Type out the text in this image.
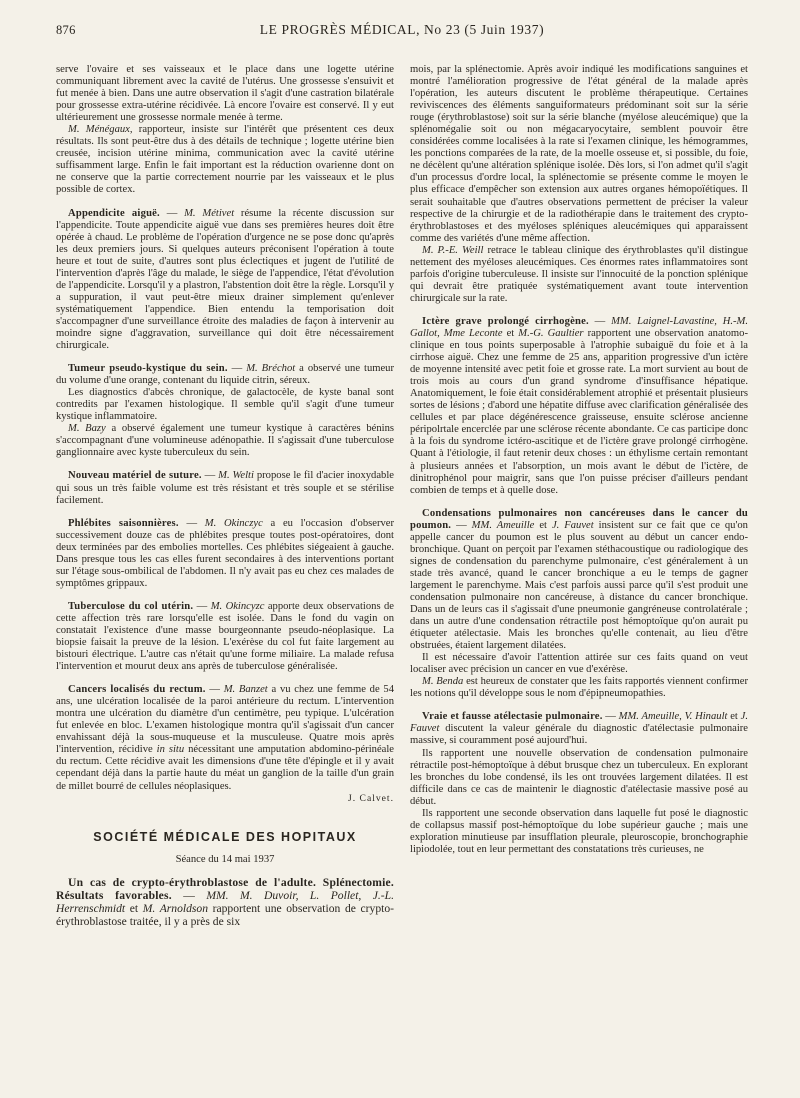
876	LE PROGRÈS MÉDICAL, No 23 (5 Juin 1937)

serve l'ovaire et ses vaisseaux et le place dans une logette utérine communiquant librement avec la cavité de l'utérus. Une grossesse s'ensuivit et fut menée à bien. Dans une autre observation il s'agit d'une castration bilatérale pour grossesse extra-utérine récidivée. Là encore l'ovaire est conservé. Il y eut ultérieurement une grossesse normale menée à terme.

M. Ménégaux, rapporteur, insiste sur l'intérêt que présentent ces deux résultats. Ils sont peut-être dus à des détails de technique ; logette utérine bien creusée, incision utérine minima, communication avec la cavité utérine suffisamment large. Enfin le fait important est la réduction ovarienne dont on ne conserve que la partie correctement nourrie par les vaisseaux et le plus possible de cortex.

Appendicite aiguë. — M. Métivet résume la récente discussion sur l'appendicite. Toute appendicite aiguë vue dans ses premières heures doit être opérée à chaud. Le problème de l'opération d'urgence ne se pose donc qu'après les deux premiers jours. Si quelques auteurs préconisent l'opération à toute heure et tout de suite, d'autres sont plus éclectiques et jugent de l'utilité de l'intervention d'après l'âge du malade, le siège de l'appendice, l'état d'évolution de l'appendicite. Lorsqu'il y a plastron, l'abstention doit être la règle. Lorsqu'il y a suppuration, il vaut peut-être mieux drainer simplement qu'enlever systématiquement l'appendice. Bien entendu la temporisation doit s'accompagner d'une surveillance étroite des maladies de façon à intervenir au moindre signe d'aggravation, surveillance qui doit être nécessairement chirurgicale.

Tumeur pseudo-kystique du sein. — M. Bréchot a observé une tumeur du volume d'une orange, contenant du liquide citrin, séreux.

Les diagnostics d'abcès chronique, de galactocèle, de kyste banal sont contredits par l'examen histologique. Il semble qu'il s'agit d'une tumeur kystique inflammatoire.

M. Bazy a observé également une tumeur kystique à caractères bénins s'accompagnant d'une volumineuse adénopathie. Il s'agissait d'une tuberculose ganglionnaire avec kyste tuberculeux du sein.

Nouveau matériel de suture. — M. Welti propose le fil d'acier inoxydable qui sous un très faible volume est très résistant et très souple et se stérilise facilement.

Phlébites saisonnières. — M. Okinczyc a eu l'occasion d'observer successivement douze cas de phlébites presque toutes post-opératoires, dont deux terminées par des embolies mortelles. Ces phlébites siégeaient à gauche. Dans presque tous les cas elles furent secondaires à des interventions portant sur l'étage sous-ombilical de l'abdomen. Il n'y avait pas eu chez ces malades de symptômes grippaux.

Tuberculose du col utérin. — M. Okincyzc apporte deux observations de cette affection très rare lorsqu'elle est isolée. Dans le fond du vagin on constatait l'existence d'une masse bourgeonnante pseudo-néoplasique. La biopsie faisait la preuve de la lésion. L'exérèse du col fut faite largement au bistouri électrique. L'autre cas n'était qu'une forme miliaire. La malade refusa l'intervention et mourut deux ans après de tuberculose généralisée.

Cancers localisés du rectum. — M. Banzet a vu chez une femme de 54 ans, une ulcération localisée de la paroi antérieure du rectum. L'intervention montra une ulcération du diamètre d'un centimètre, peu typique. L'ulcération fut enlevée en bloc. L'examen histologique montra qu'il s'agissait d'un cancer envahissant déjà la sous-muqueuse et la musculeuse. Quatre mois après l'intervention, récidive in situ nécessitant une amputation abdomino-périnéale du rectum. Cette récidive avait les dimensions d'une tête d'épingle et il y avait cependant déjà dans la partie haute du méat un ganglion de la taille d'un grain de millet bourré de cellules néoplasiques.

J. Calvet.
SOCIÉTÉ MÉDICALE DES HOPITAUX
Séance du 14 mai 1937

Un cas de crypto-érythroblastose de l'adulte. Splénectomie. Résultats favorables. — MM. M. Duvoir, L. Pollet, J.-L. Herrenschmidt et M. Arnoldson rapportent une observation de crypto-érythroblastose traitée, il y a près de six

mois, par la splénectomie. Après avoir indiqué les modifications sanguines et montré l'amélioration progressive de l'état général de la malade après l'opération, les auteurs discutent le problème thérapeutique. Certaines reviviscences des éléments sanguiformateurs prédominant soit sur la série rouge (érythroblastose) soit sur la série blanche (myélose aleucémique) que la splénomégalie soit ou non mégacaryocytaire, semblent pouvoir être considérées comme localisées à la rate si l'examen clinique, les hémogrammes, les ponctions comparées de la rate, de la moelle osseuse et, si possible, du foie, ne décèlent qu'une altération splénique isolée. Dès lors, si l'on admet qu'il s'agit d'un processus d'ordre local, la splénectomie se présente comme le moyen le plus efficace d'empêcher son extension aux autres organes hémopoïétiques. Il serait souhaitable que d'autres observations permettent de préciser la valeur respective de la chirurgie et de la radiothérapie dans le traitement des crypto-érythroblastoses et des myéloses spléniques aleucémiques qui apparaissent comme des variétés d'une même affection.

M. P.-E. Weill retrace le tableau clinique des érythroblastes qu'il distingue nettement des myéloses aleucémiques. Ces énormes rates inflammatoires sont parfois d'origine tuberculeuse. Il insiste sur l'innocuité de la ponction splénique qui devrait être pratiquée systématiquement avant toute intervention chirurgicale sur la rate.

Ictère grave prolongé cirrhogène. — MM. Laignel-Lavastine, H.-M. Gallot, Mme Leconte et M.-G. Gaultier rapportent une observation anatomo-clinique en tous points superposable à l'atrophie subaiguë du foie et à la cirrhose aiguë. Chez une femme de 25 ans, apparition progressive d'un ictère de moyenne intensité avec petit foie et grosse rate. La mort survient au bout de trois mois au cours d'un grand syndrome d'insuffisance hépatique. Anatomiquement, le foie était considérablement atrophié et présentait plusieurs sortes de lésions ; d'abord une hépatite diffuse avec clarification généralisée des cellules et par place dégénérescence graisseuse, ensuite sclérose ancienne péripolrtale encerclée par une sclérose récente abondante. Ce cas participe donc à la fois du syndrome ictéro-ascitique et de l'ictère grave prolongé cirrhogène. Quant à l'étiologie, il faut retenir deux choses : un éthylisme certain remontant à plusieurs années et l'absorption, un mois avant le début de l'ictère, de dinitrophénol pour maigrir, sans que l'on puisse préciser d'ailleurs pendant combien de temps et à quelle dose.

Condensations pulmonaires non cancéreuses dans le cancer du poumon. — MM. Ameuille et J. Fauvet insistent sur ce fait que ce qu'on appelle cancer du poumon est le plus souvent au début un cancer endo-bronchique. Quant on perçoit par l'examen stéthacoustique ou radiologique des signes de condensation du parenchyme pulmonaire, c'est généralement à un stade très avancé, quand le cancer bronchique a eu le temps de gagner largement le parenchyme. Mais c'est parfois aussi parce qu'il s'est produit une condensation pulmonaire non cancéreuse, à distance du cancer bronchique. Dans un de leurs cas il s'agissait d'une pneumonie gangréneuse controlatérale ; dans un autre d'une condensation rétractile post hémoptoïque qu'on aurait pu étiqueter atélectasie. Mais les bronches qu'elle contenait, au lieu d'être obstruées, étaient largement dilatées.

Il est nécessaire d'avoir l'attention attirée sur ces faits quand on veut localiser avec précision un cancer en vue d'exérèse.

M. Benda est heureux de constater que les faits rapportés viennent confirmer les notions qu'il développe sous le nom d'épipneumopathies.

Vraie et fausse atélectasie pulmonaire. — MM. Ameuille, V. Hinault et J. Fauvet discutent la valeur générale du diagnostic d'atélectasie pulmonaire massive, si couramment posé aujourd'hui.

Ils rapportent une nouvelle observation de condensation pulmonaire rétractile post-hémoptoïque à début brusque chez un tuberculeux. En explorant les bronches du lobe condensé, ils les ont trouvées largement dilatées. Il est difficile dans ce cas de maintenir le diagnostic d'atélectasie massive posé au début.

Ils rapportent une seconde observation dans laquelle fut posé le diagnostic de collapsus massif post-hémoptoïque du lobe supérieur gauche ; mais une exploration minutieuse par insufflation pleurale, pleuroscopie, bronchographie lipiodolée, tout en leur permettant des constatations très curieuses, ne
